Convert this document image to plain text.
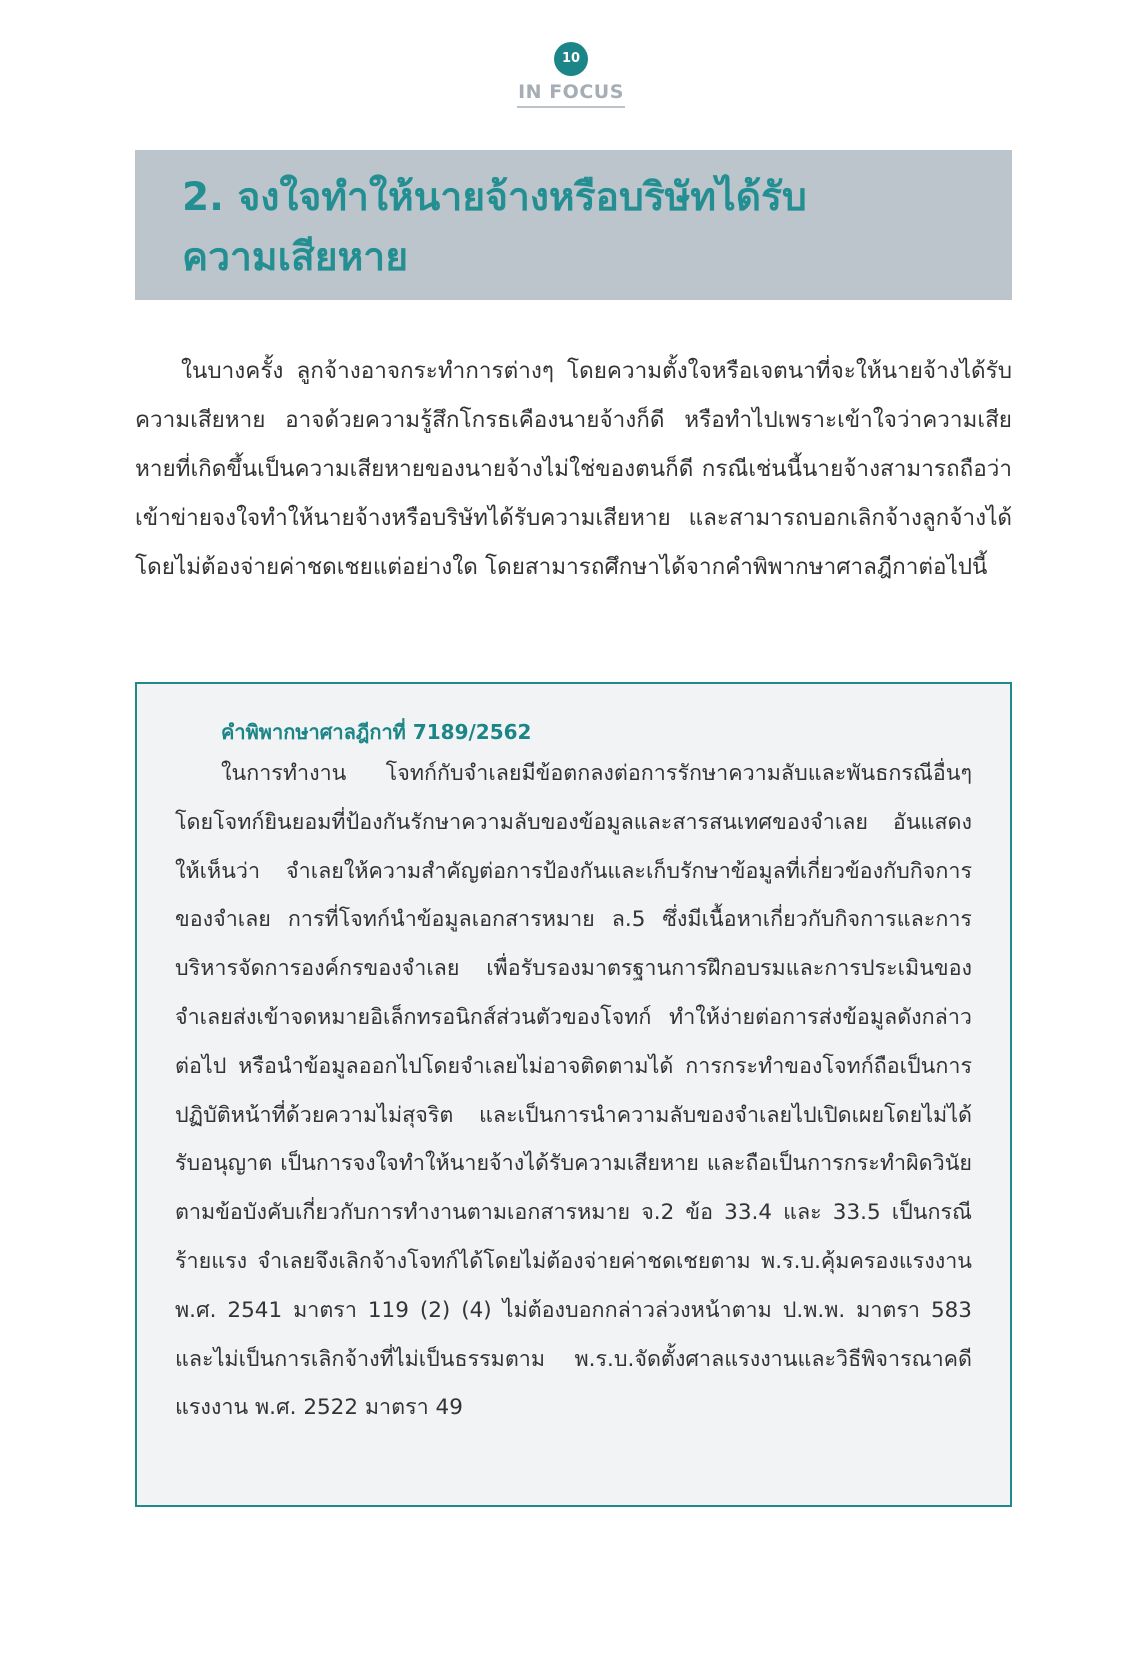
10
IN FOCUS
2. จงใจทำให้นายจ้างหรือบริษัทได้รับ
ความเสียหาย

ในบางครั้ง ลูกจ้างอาจกระทำการต่างๆ โดยความตั้งใจหรือเจตนาที่จะให้นายจ้างได้รับความเสียหาย อาจด้วยความรู้สึกโกรธเคืองนายจ้างก็ดี หรือทำไปเพราะเข้าใจว่าความเสียหายที่เกิดขึ้นเป็นความเสียหายของนายจ้างไม่ใช่ของตนก็ดี กรณีเช่นนี้นายจ้างสามารถถือว่าเข้าข่ายจงใจทำให้นายจ้างหรือบริษัทได้รับความเสียหาย และสามารถบอกเลิกจ้างลูกจ้างได้โดยไม่ต้องจ่ายค่าชดเชยแต่อย่างใด โดยสามารถศึกษาได้จากคำพิพากษาศาลฎีกาต่อไปนี้

คำพิพากษาศาลฎีกาที่ 7189/2562

ในการทำงาน โจทก์กับจำเลยมีข้อตกลงต่อการรักษาความลับและพันธกรณีอื่นๆ โดยโจทก์ยินยอมที่ป้องกันรักษาความลับของข้อมูลและสารสนเทศของจำเลย อันแสดงให้เห็นว่า จำเลยให้ความสำคัญต่อการป้องกันและเก็บรักษาข้อมูลที่เกี่ยวข้องกับกิจการของจำเลย การที่โจทก์นำข้อมูลเอกสารหมาย ล.5 ซึ่งมีเนื้อหาเกี่ยวกับกิจการและการบริหารจัดการองค์กรของจำเลย เพื่อรับรองมาตรฐานการฝึกอบรมและการประเมินของจำเลยส่งเข้าจดหมายอิเล็กทรอนิกส์ส่วนตัวของโจทก์ ทำให้ง่ายต่อการส่งข้อมูลดังกล่าวต่อไป หรือนำข้อมูลออกไปโดยจำเลยไม่อาจติดตามได้ การกระทำของโจทก์ถือเป็นการปฏิบัติหน้าที่ด้วยความไม่สุจริต และเป็นการนำความลับของจำเลยไปเปิดเผยโดยไม่ได้รับอนุญาต เป็นการจงใจทำให้นายจ้างได้รับความเสียหาย และถือเป็นการกระทำผิดวินัยตามข้อบังคับเกี่ยวกับการทำงานตามเอกสารหมาย จ.2 ข้อ 33.4 และ 33.5 เป็นกรณีร้ายแรง จำเลยจึงเลิกจ้างโจทก์ได้โดยไม่ต้องจ่ายค่าชดเชยตาม พ.ร.บ.คุ้มครองแรงงาน พ.ศ. 2541 มาตรา 119 (2) (4) ไม่ต้องบอกกล่าวล่วงหน้าตาม ป.พ.พ. มาตรา 583 และไม่เป็นการเลิกจ้างที่ไม่เป็นธรรมตาม พ.ร.บ.จัดตั้งศาลแรงงานและวิธีพิจารณาคดีแรงงาน พ.ศ. 2522 มาตรา 49
